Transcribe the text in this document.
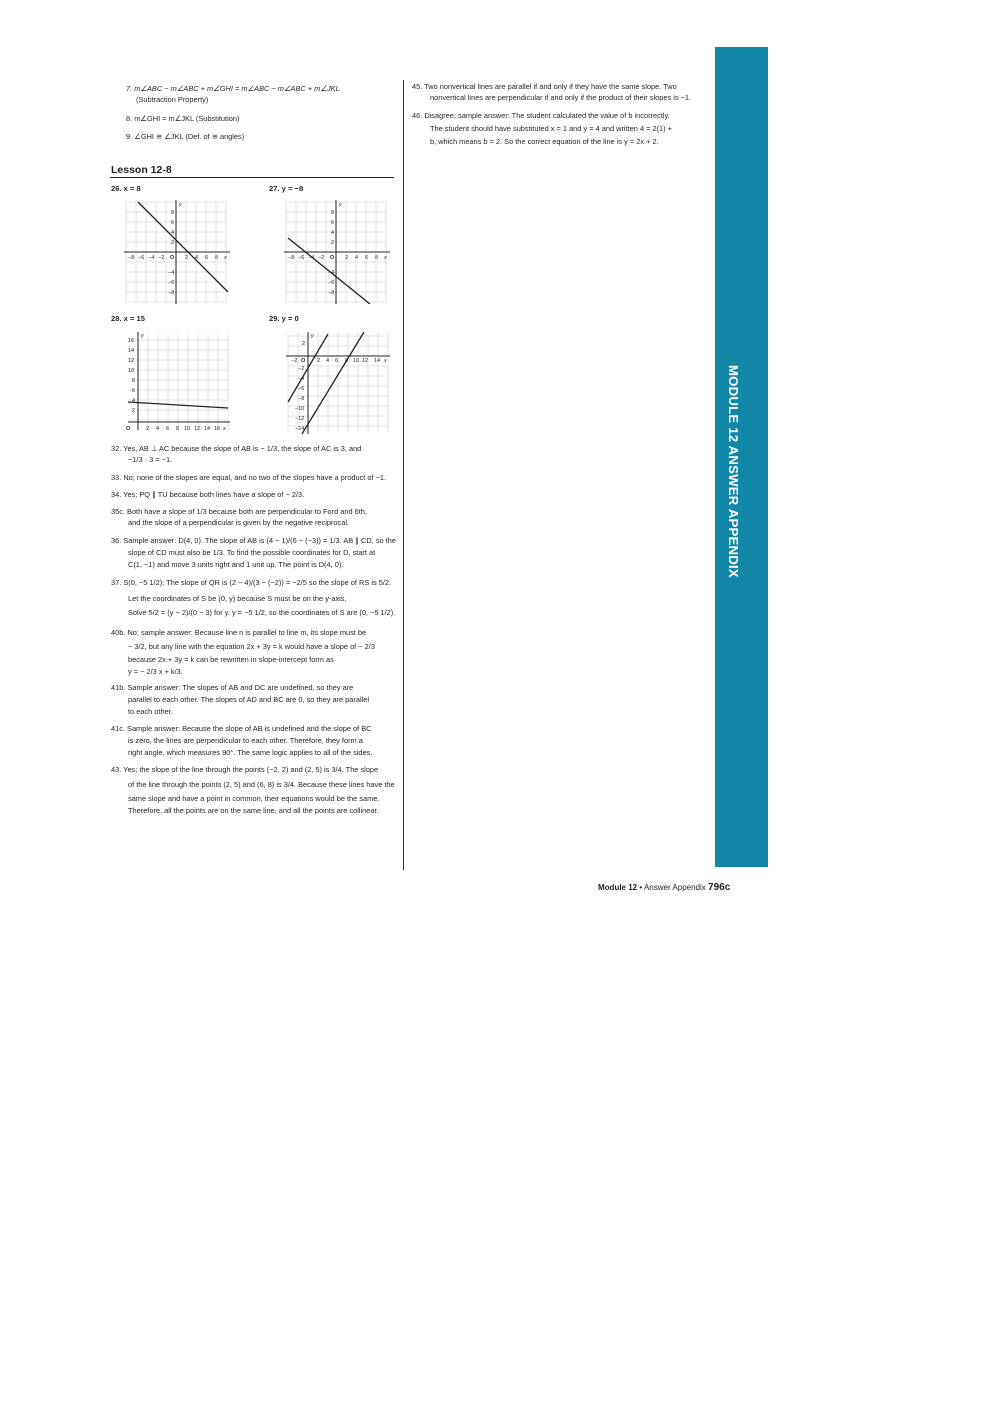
MODULE 12 ANSWER APPENDIX
7. m∠ABC − m∠ABC + m∠GHI = m∠ABC − m∠ABC + m∠JKL
(Subtraction Property)
8. m∠GHI = m∠JKL (Substitution)
9. ∠GHI ≅ ∠JKL (Def. of ≅ angles)
Lesson 12-8
26. x = 8	27. y = −8
28. x = 15	29. y = 0
−8 −6 −4 −2 O 2 4 6 8 x
8
6
4
2
−4
−6
−8
y
−8 −6 −4 −2 O 2 4 6 8 x
8
6
4
2
−4
−6
−8
y
O	2 4 6 8 10 12 14 16 x
16
14
12
10
8
6
4
2
y
−2 O 2 4 6 8 10 12 14 x
2
−2
−4
−6
−8
−10
−12
−14
y
32. Yes, AB ⊥ AC because the slope of AB is − 1/3, the slope of AC is 3, and
−1/3 · 3 = −1.
33. No; none of the slopes are equal, and no two of the slopes have a product of −1.
34. Yes; PQ ∥ TU because both lines have a slope of − 2/3.
35c. Both have a slope of 1/3 because both are perpendicular to Ford and 6th,
and the slope of a perpendicular is given by the negative reciprocal.
36. Sample answer: D(4, 0). The slope of AB is (4 − 1)/(6 − (−3)) = 1/3. AB ∥ CD, so the
slope of CD must also be 1/3. To find the possible coordinates for D, start at
C(1, −1) and move 3 units right and 1 unit up. The point is D(4, 0).
37. S(0, −5 1/2); The slope of QR is (2 − 4)/(3 − (−2)) = −2/5 so the slope of RS is 5/2.
Let the coordinates of S be (0, y) because S must be on the y-axis.
Solve 5/2 = (y − 2)/(0 − 3) for y. y = −5 1/2, so the coordinates of S are (0, −5 1/2).
40b. No; sample answer: Because line n is parallel to line m, its slope must be
− 3/2, but any line with the equation 2x + 3y = k would have a slope of − 2/3
because 2x + 3y = k can be rewritten in slope-intercept form as
y = − 2/3 x + k/3.
41b. Sample answer: The slopes of AB and DC are undefined, so they are
parallel to each other. The slopes of AD and BC are 0, so they are parallel
to each other.
41c. Sample answer: Because the slope of AB is undefined and the slope of BC
is zero, the lines are perpendicular to each other. Therefore, they form a
right angle, which measures 90°. The same logic applies to all of the sides.
43. Yes; the slope of the line through the points (−2, 2) and (2, 5) is 3/4. The slope
of the line through the points (2, 5) and (6, 8) is 3/4. Because these lines have the
same slope and have a point in common, their equations would be the same.
Therefore, all the points are on the same line, and all the points are collinear.
45. Two nonvertical lines are parallel if and only if they have the same slope. Two
nonvertical lines are perpendicular if and only if the product of their slopes is −1.
46. Disagree; sample answer: The student calculated the value of b incorrectly.
The student should have substituted x = 1 and y = 4 and written 4 = 2(1) +
b, which means b = 2. So the correct equation of the line is y = 2x + 2.
Module 12 • Answer Appendix 796c
